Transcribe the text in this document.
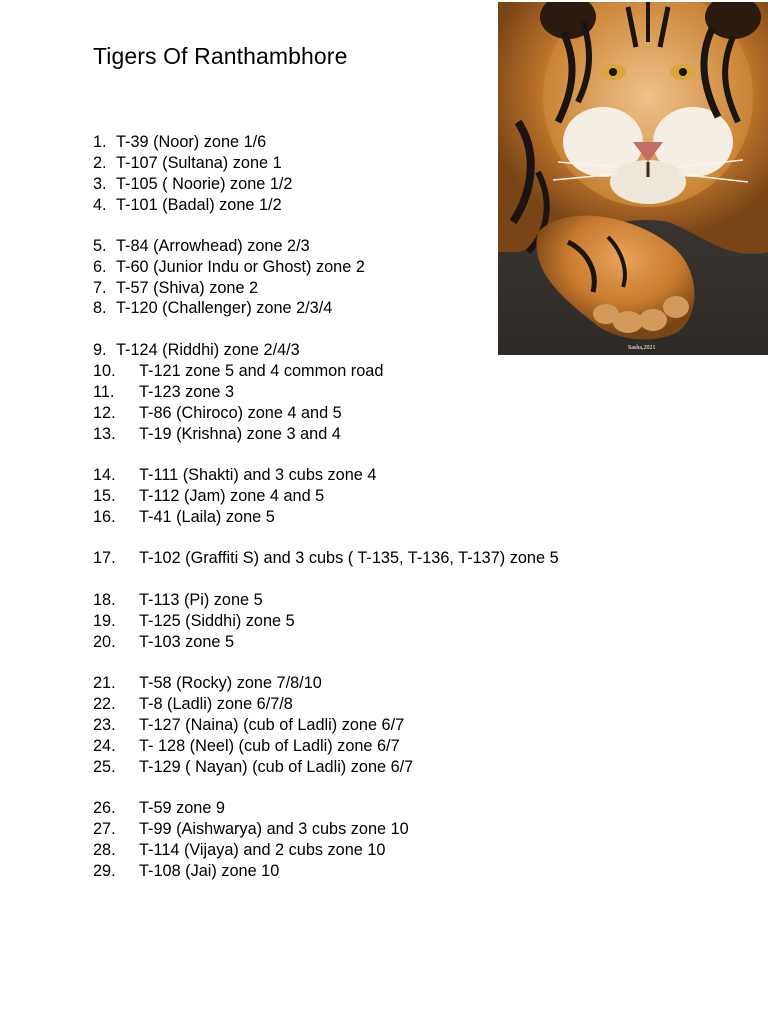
Tigers Of Ranthambhore
Sasha,2021
1. T-39 (Noor) zone 1/6
2. T-107 (Sultana) zone 1
3. T-105 ( Noorie) zone 1/2
4. T-101 (Badal) zone 1/2
5. T-84 (Arrowhead) zone 2/3
6. T-60 (Junior Indu or Ghost) zone 2
7. T-57 (Shiva) zone 2
8. T-120 (Challenger) zone 2/3/4
9. T-124 (Riddhi) zone 2/4/3
10. T-121 zone 5 and 4 common road
11. T-123 zone 3
12. T-86 (Chiroco) zone 4 and 5
13. T-19 (Krishna) zone 3 and 4
14. T-111 (Shakti) and 3 cubs zone 4
15. T-112 (Jam) zone 4 and 5
16. T-41 (Laila) zone 5
17. T-102 (Graffiti S) and 3 cubs ( T-135, T-136, T-137) zone 5
18. T-113 (Pi) zone 5
19. T-125 (Siddhi) zone 5
20. T-103 zone 5
21. T-58 (Rocky) zone 7/8/10
22. T-8 (Ladli) zone 6/7/8
23. T-127 (Naina) (cub of Ladli) zone 6/7
24. T- 128 (Neel) (cub of Ladli) zone 6/7
25. T-129 ( Nayan) (cub of Ladli) zone 6/7
26. T-59 zone 9
27. T-99 (Aishwarya) and 3 cubs zone 10
28. T-114 (Vijaya) and 2 cubs zone 10
29. T-108 (Jai) zone 10
